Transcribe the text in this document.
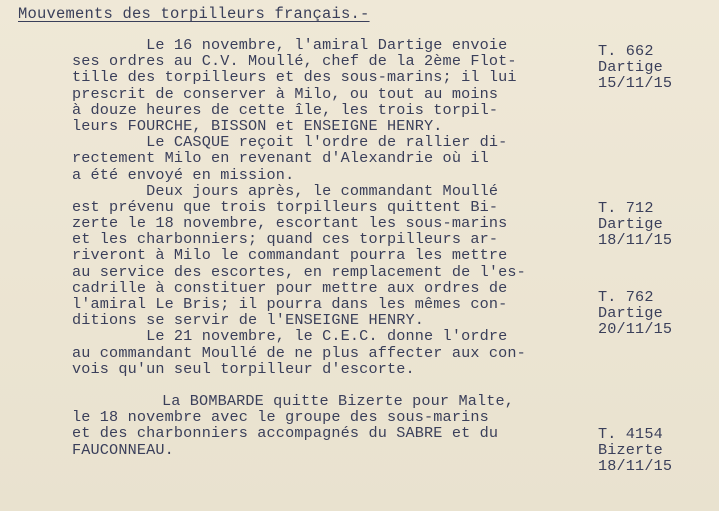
Mouvements des torpilleurs français.-
Le 16 novembre, l'amiral Dartige envoie
ses ordres au C.V. Moullé, chef de la 2ème Flot-
tille des torpilleurs et des sous-marins; il lui
prescrit de conserver à Milo, ou tout au moins
à douze heures de cette île, les trois torpil-
leurs FOURCHE, BISSON et ENSEIGNE HENRY.
Le CASQUE reçoit l'ordre de rallier di-
rectement Milo en revenant d'Alexandrie où il
a été envoyé en mission.
Deux jours après, le commandant Moullé
est prévenu que trois torpilleurs quittent Bi-
zerte le 18 novembre, escortant les sous-marins
et les charbonniers; quand ces torpilleurs ar-
riveront à Milo le commandant pourra les mettre
au service des escortes, en remplacement de l'es-
cadrille à constituer pour mettre aux ordres de
l'amiral Le Bris; il pourra dans les mêmes con-
ditions se servir de l'ENSEIGNE HENRY.
Le 21 novembre, le C.E.C. donne l'ordre
au commandant Moullé de ne plus affecter aux con-
vois qu'un seul torpilleur d'escorte.
La BOMBARDE quitte Bizerte pour Malte,
le 18 novembre avec le groupe des sous-marins
et des charbonniers accompagnés du SABRE et du
FAUCONNEAU.
T. 662
Dartige
15/11/15
T. 712
Dartige
18/11/15
T. 762
Dartige
20/11/15
T. 4154
Bizerte
18/11/15
